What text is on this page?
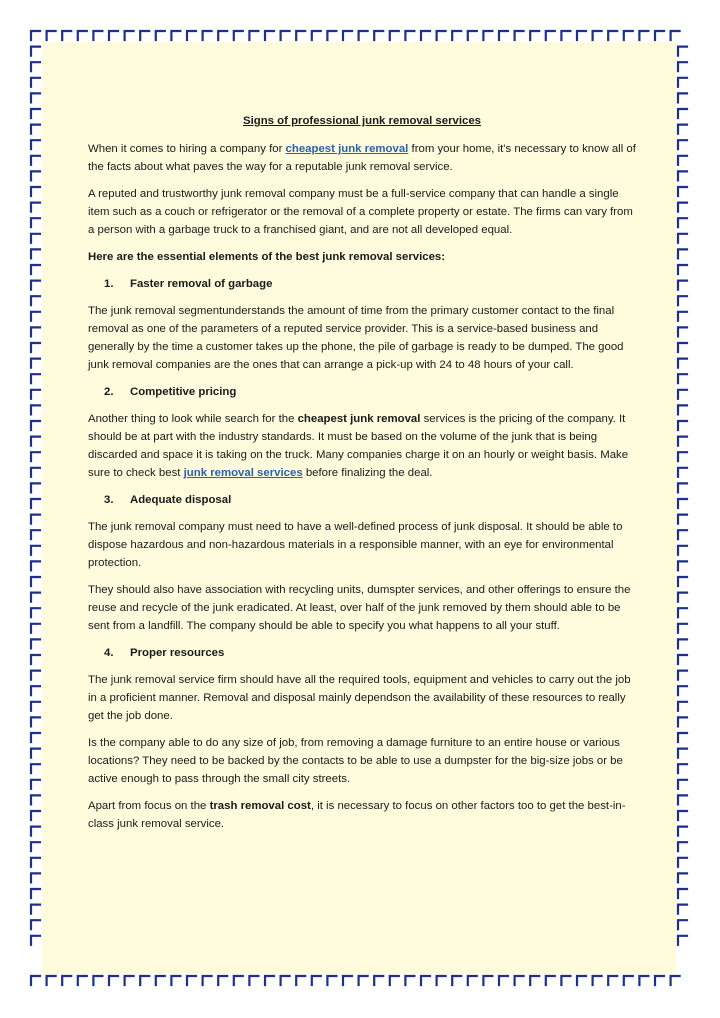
Signs of professional junk removal services

When it comes to hiring a company for cheapest junk removal from your home, it's necessary to know all of the facts about what paves the way for a reputable junk removal service.

A reputed and trustworthy junk removal company must be a full-service company that can handle a single item such as a couch or refrigerator or the removal of a complete property or estate. The firms can vary from a person with a garbage truck to a franchised giant, and are not all developed equal.

Here are the essential elements of the best junk removal services:

1. Faster removal of garbage

The junk removal segmentunderstands the amount of time from the primary customer contact to the final removal as one of the parameters of a reputed service provider. This is a service-based business and generally by the time a customer takes up the phone, the pile of garbage is ready to be dumped. The good junk removal companies are the ones that can arrange a pick-up with 24 to 48 hours of your call.

2. Competitive pricing

Another thing to look while search for the cheapest junk removal services is the pricing of the company. It should be at part with the industry standards. It must be based on the volume of the junk that is being discarded and space it is taking on the truck. Many companies charge it on an hourly or weight basis. Make sure to check best junk removal services before finalizing the deal.

3. Adequate disposal

The junk removal company must need to have a well-defined process of junk disposal. It should be able to dispose hazardous and non-hazardous materials in a responsible manner, with an eye for environmental protection.

They should also have association with recycling units, dumspter services, and other offerings to ensure the reuse and recycle of the junk eradicated. At least, over half of the junk removed by them should able to be sent from a landfill. The company should be able to specify you what happens to all your stuff.

4. Proper resources

The junk removal service firm should have all the required tools, equipment and vehicles to carry out the job in a proficient manner. Removal and disposal mainly dependson the availability of these resources to really get the job done.

Is the company able to do any size of job, from removing a damage furniture to an entire house or various locations? They need to be backed by the contacts to be able to use a dumpster for the big-size jobs or be active enough to pass through the small city streets.

Apart from focus on the trash removal cost, it is necessary to focus on other factors too to get the best-in-class junk removal service.
